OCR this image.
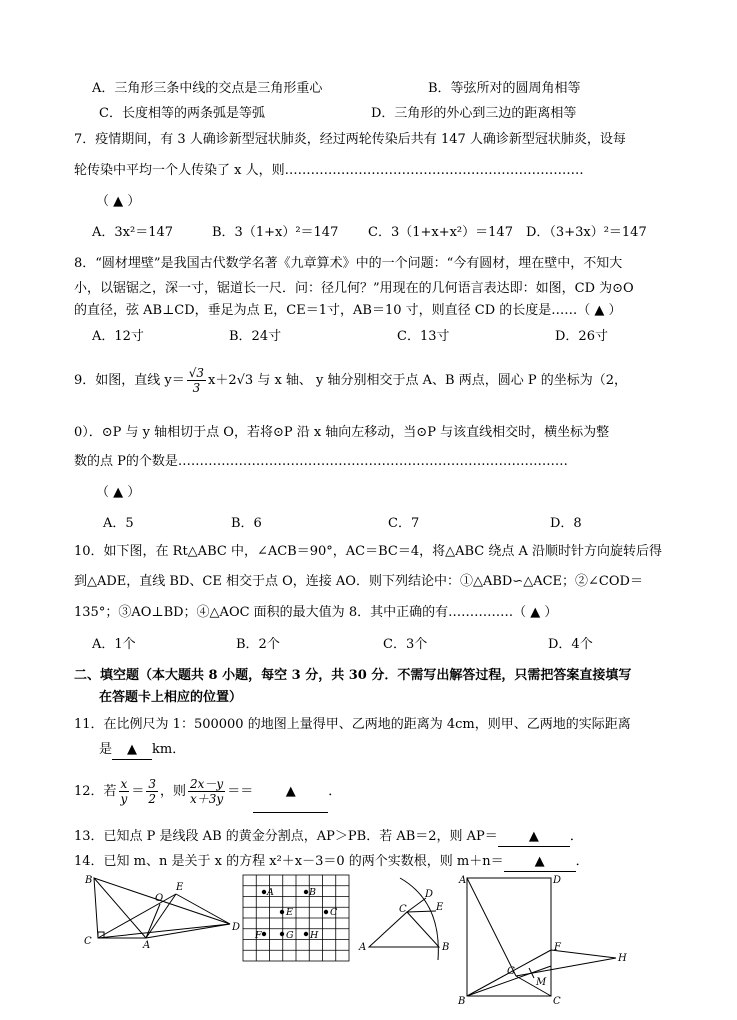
A．三角形三条中线的交点是三角形重心	B．等弦所对的圆周角相等
C．长度相等的两条弧是等弧	D．三角形的外心到三边的距离相等
7．疫情期间，有 3 人确诊新型冠状肺炎，经过两轮传染后共有 147 人确诊新型冠状肺炎，设每
轮传染中平均一个人传染了 x 人，则……………………………………………………………
（ ▲ ）
A．3x²＝147	B．3（1+x）²＝147 C．3（1+x+x²）＝147 D．（3+3x）²＝147
8．“圆材埋壁”是我国古代数学名著《九章算术》中的一个问题：“今有圆材，埋在壁中，不知大
小，以锯锯之，深一寸，锯道长一尺．问：径几何？”用现在的几何语言表达即：如图，CD 为⊙O
的直径，弦 AB⊥CD，垂足为点 E，CE＝1寸，AB＝10 寸，则直径 CD 的长度是……（ ▲ ）
A．12寸	B．24寸	C．13寸	D．26寸
9．如图，直线 $y= \frac{√3}{3} x+2√3$ 与 x 轴、 y 轴分别相交于点 A、B 两点，圆心 P 的坐标为（2，
0）．⊙P 与 y 轴相切于点 O，若将⊙P 沿 x 轴向左移动，当⊙P 与该直线相交时，横坐标为整
数的点 P的个数是………………………………………………………………………………
（ ▲ ）
A．5	B．6	C．7	D．8
10．如下图，在 Rt△ABC 中，∠ACB＝90°，AC＝BC＝4，将△ABC 绕点 A 沿顺时针方向旋转后得
到△ADE，直线 BD、CE 相交于点 O，连接 AO．则下列结论中：①△ABD∽△ACE；②∠COD＝
135°；③AO⊥BD；④△AOC 面积的最大值为 8．其中正确的有……………（ ▲ ）
A．1个	B．2个	C．3个	D．4个
二、填空题（本大题共 8 小题，每空 3 分，共 30 分．不需写出解答过程，只需把答案直接填写
在答题卡上相应的位置）
11．在比例尺为 1：500000 的地图上量得甲、乙两地的距离为 4cm，则甲、乙两地的实际距离
是 ▲ km．
12．若 $\frac{x}{y} = \frac{3}{2}$ ，则 $\frac{2x-y}{x+3y}$ ＝＝	▲	．
13．已知点 P 是线段 AB 的黄金分割点，AP＞PB．若 AB＝2，则 AP＝ ▲ ．
14．已知 m、n 是关于 x 的方程 x²＋x－3＝0 的两个实数根，则 m＋n＝ ▲ ．
B
O
E
C	A
D
A	B
E	C
F	G H
A	B
C
D
E
A	D
F
H
G
M
B	C
